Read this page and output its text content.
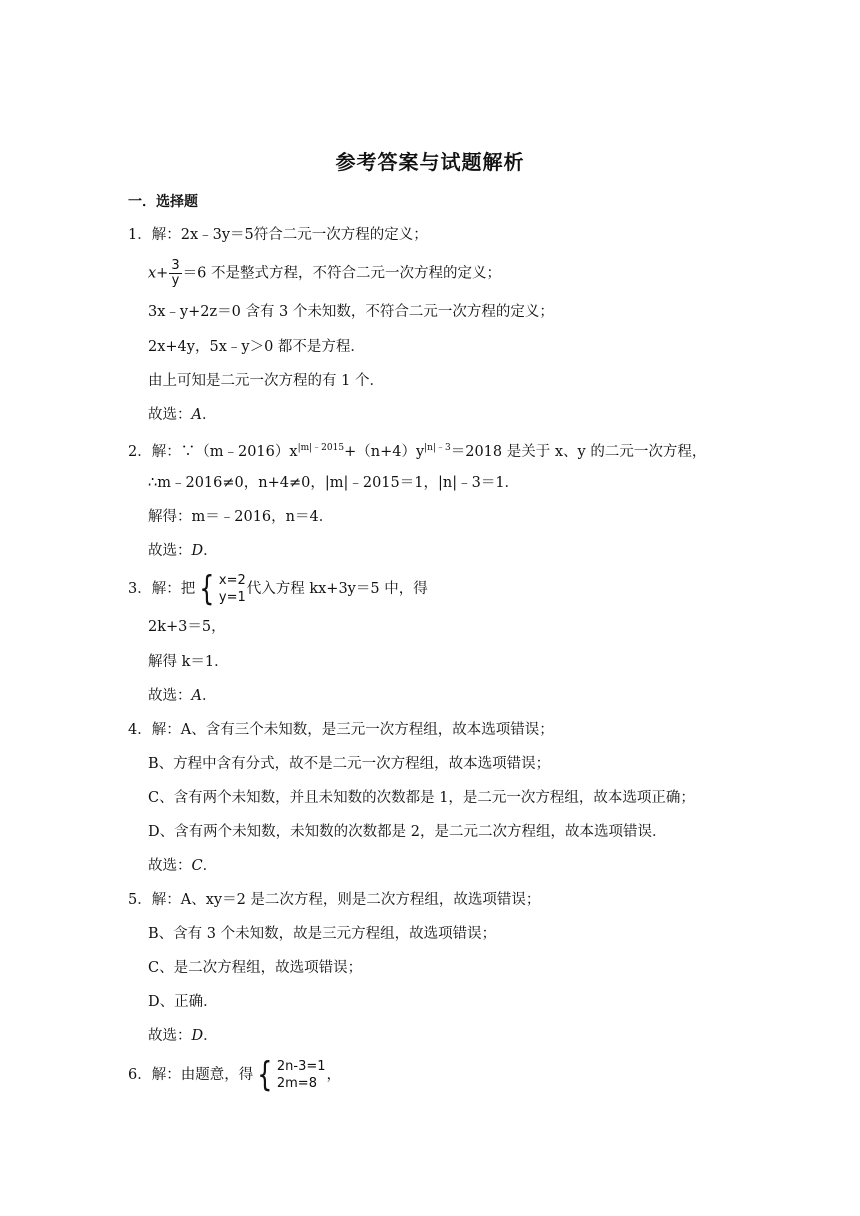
参考答案与试题解析
一．选择题
1．解：2x﹣3y＝5符合二元一次方程的定义；
$x+ \frac{3}{y} =6$ 不是整式方程，不符合二元一次方程的定义；
3x﹣y+2z＝0 含有 3 个未知数，不符合二元一次方程的定义；
2x+4y，5x﹣y＞0 都不是方程．
由上可知是二元一次方程的有 1 个．
故选：A．
2．解：$\because(m﹣2016)x^{|m|﹣2015}+(n+4)y^{|n|﹣3}=2018$ 是关于 x、y 的二元一次方程，
∴m﹣2016≠0，n+4≠0，|m|﹣2015＝1，|n|﹣3＝1．
解得：m＝﹣2016，n＝4．
故选：D．
3．解：把 { x=2
y=1
代入方程 kx+3y＝5 中，得
2k+3＝5，
解得 k＝1．
故选：A．
4．解：A、含有三个未知数，是三元一次方程组，故本选项错误；
B、方程中含有分式，故不是二元一次方程组，故本选项错误；
C、含有两个未知数，并且未知数的次数都是 1，是二元一次方程组，故本选项正确；
D、含有两个未知数，未知数的次数都是 2，是二元二次方程组，故本选项错误．
故选：C．
5．解：A、xy＝2 是二次方程，则是二次方程组，故选项错误；
B、含有 3 个未知数，故是三元方程组，故选项错误；
C、是二次方程组，故选项错误；
D、正确．
故选：D．
6．解：由题意，得 { 2n-3=1
2m=8
，
